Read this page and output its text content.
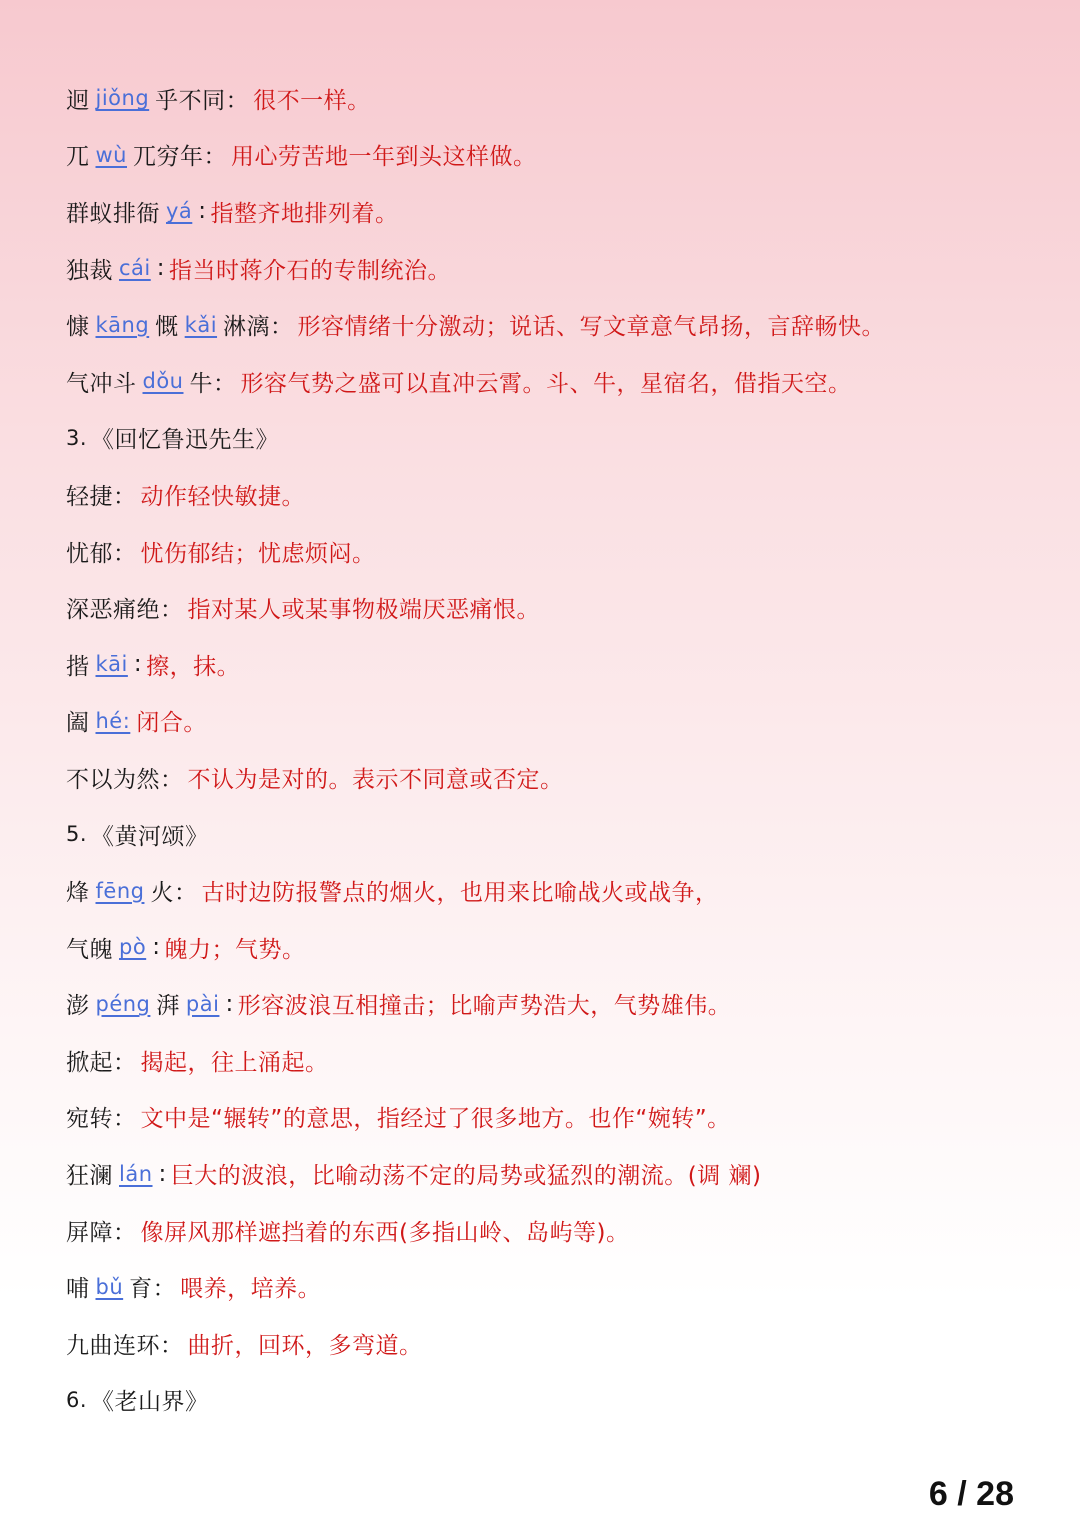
迥 jiǒng 乎不同 ： 很不一样。
兀 wù 兀穷年 ： 用心劳苦地一年到头这样做。
群蚁排衙 yá : 指整齐地排列着。
独裁 cái : 指当时蒋介石的专制统治。
慷 kāng 慨 kǎi 淋漓 ： 形容情绪十分激动；说话、写文章意气昂扬，言辞畅快。
气冲斗 dǒu 牛 ： 形容气势之盛可以直冲云霄。斗、牛，星宿名，借指天空。
3. 《回忆鲁迅先生》
轻捷 ： 动作轻快敏捷。
忧郁 ： 忧伤郁结；忧虑烦闷。
深恶痛绝 ： 指对某人或某事物极端厌恶痛恨。
揩 kāi : 擦，抹。
阖 hé: 闭合。
不以为然 ： 不认为是对的。表示不同意或否定。
5. 《黄河颂》
烽 fēng 火 ： 古时边防报警点的烟火，也用来比喻战火或战争，
气魄 pò : 魄力；气势。
澎 péng 湃 pài : 形容波浪互相撞击；比喻声势浩大，气势雄伟。
掀起 ： 揭起，往上涌起。
宛转 ： 文中是“辗转”的意思，指经过了很多地方。也作“婉转”。
狂澜 lán : 巨大的波浪，比喻动荡不定的局势或猛烈的潮流。(调 斓)
屏障 ： 像屏风那样遮挡着的东西(多指山岭、岛屿等)。
哺 bǔ 育 ： 喂养，培养。
九曲连环 ： 曲折，回环，多弯道。
6. 《老山界》
6 / 28
